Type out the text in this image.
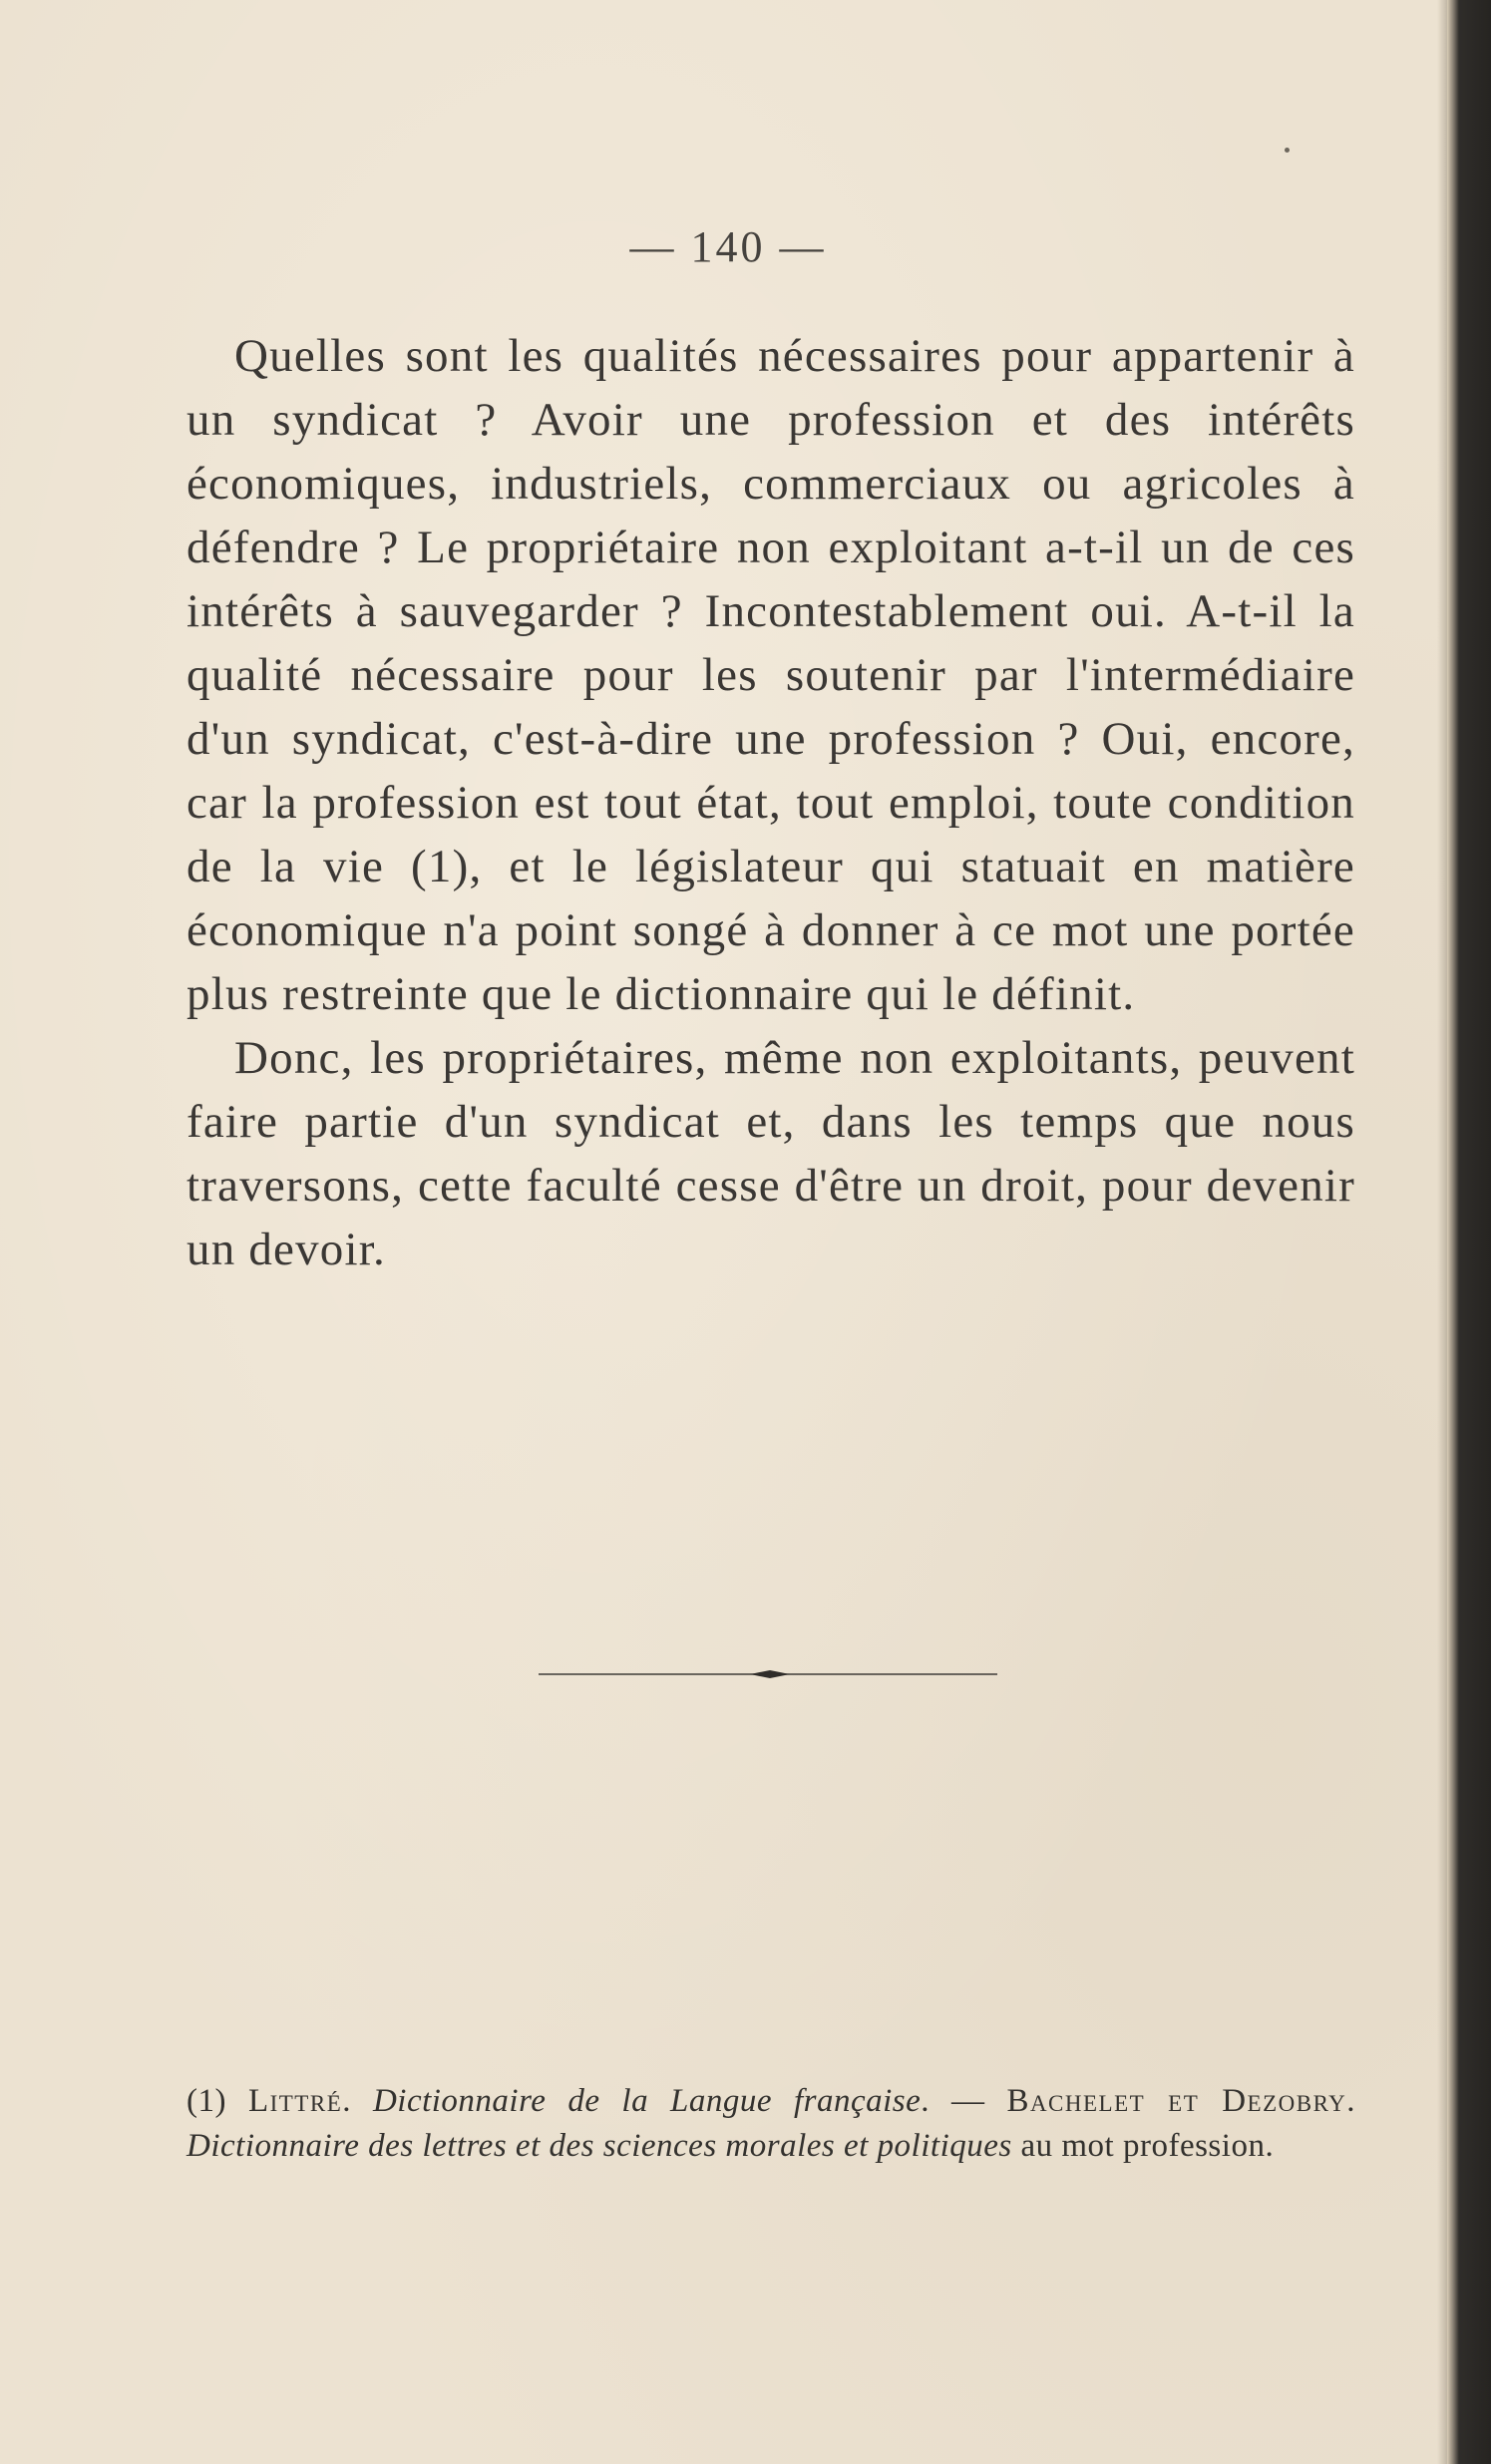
— 140 —

Quelles sont les qualités nécessaires pour appartenir à un syndicat ? Avoir une profession et des intérêts économiques, industriels, commerciaux ou agricoles à défendre ? Le propriétaire non exploitant a-t-il un de ces intérêts à sauvegarder ? Incontestablement oui. A-t-il la qualité nécessaire pour les soutenir par l'intermédiaire d'un syndicat, c'est-à-dire une profession ? Oui, encore, car la profession est tout état, tout emploi, toute condition de la vie (1), et le législateur qui statuait en matière économique n'a point songé à donner à ce mot une portée plus restreinte que le dictionnaire qui le définit.

Donc, les propriétaires, même non exploitants, peuvent faire partie d'un syndicat et, dans les temps que nous traversons, cette faculté cesse d'être un droit, pour devenir un devoir.

(1) Littré. Dictionnaire de la Langue française. — Bachelet et Dezobry. Dictionnaire des lettres et des sciences morales et politiques au mot profession.
